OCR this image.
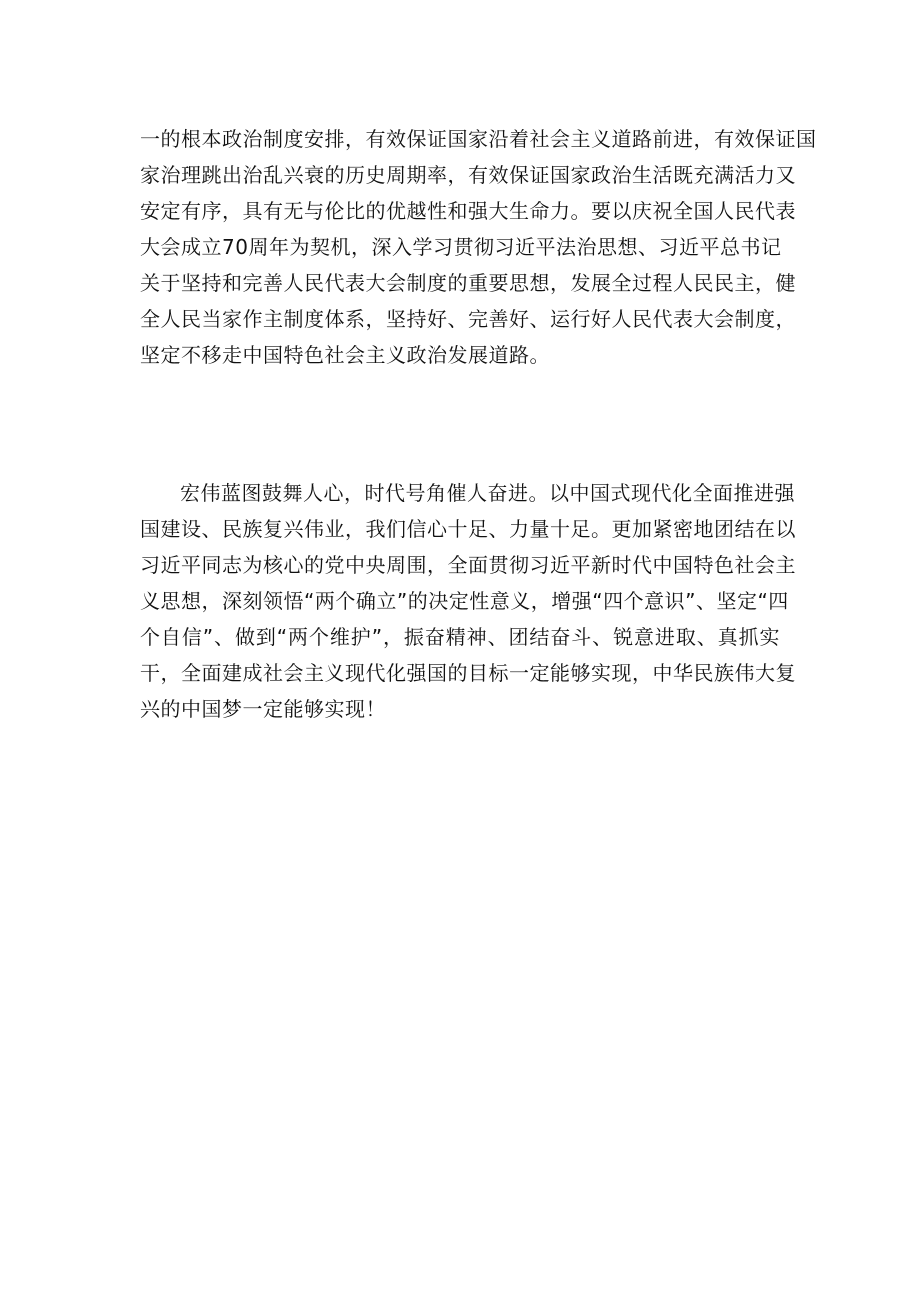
一的根本政治制度安排，有效保证国家沿着社会主义道路前进，有效保证国
家治理跳出治乱兴衰的历史周期率，有效保证国家政治生活既充满活力又
安定有序，具有无与伦比的优越性和强大生命力。要以庆祝全国人民代表
大会成立70周年为契机，深入学习贯彻习近平法治思想、习近平总书记
关于坚持和完善人民代表大会制度的重要思想，发展全过程人民民主，健
全人民当家作主制度体系，坚持好、完善好、运行好人民代表大会制度，
坚定不移走中国特色社会主义政治发展道路。
宏伟蓝图鼓舞人心，时代号角催人奋进。以中国式现代化全面推进强
国建设、民族复兴伟业，我们信心十足、力量十足。更加紧密地团结在以
习近平同志为核心的党中央周围，全面贯彻习近平新时代中国特色社会主
义思想，深刻领悟“两个确立”的决定性意义，增强“四个意识”、坚定“四
个自信”、做到“两个维护”，振奋精神、团结奋斗、锐意进取、真抓实
干，全面建成社会主义现代化强国的目标一定能够实现，中华民族伟大复
兴的中国梦一定能够实现！
